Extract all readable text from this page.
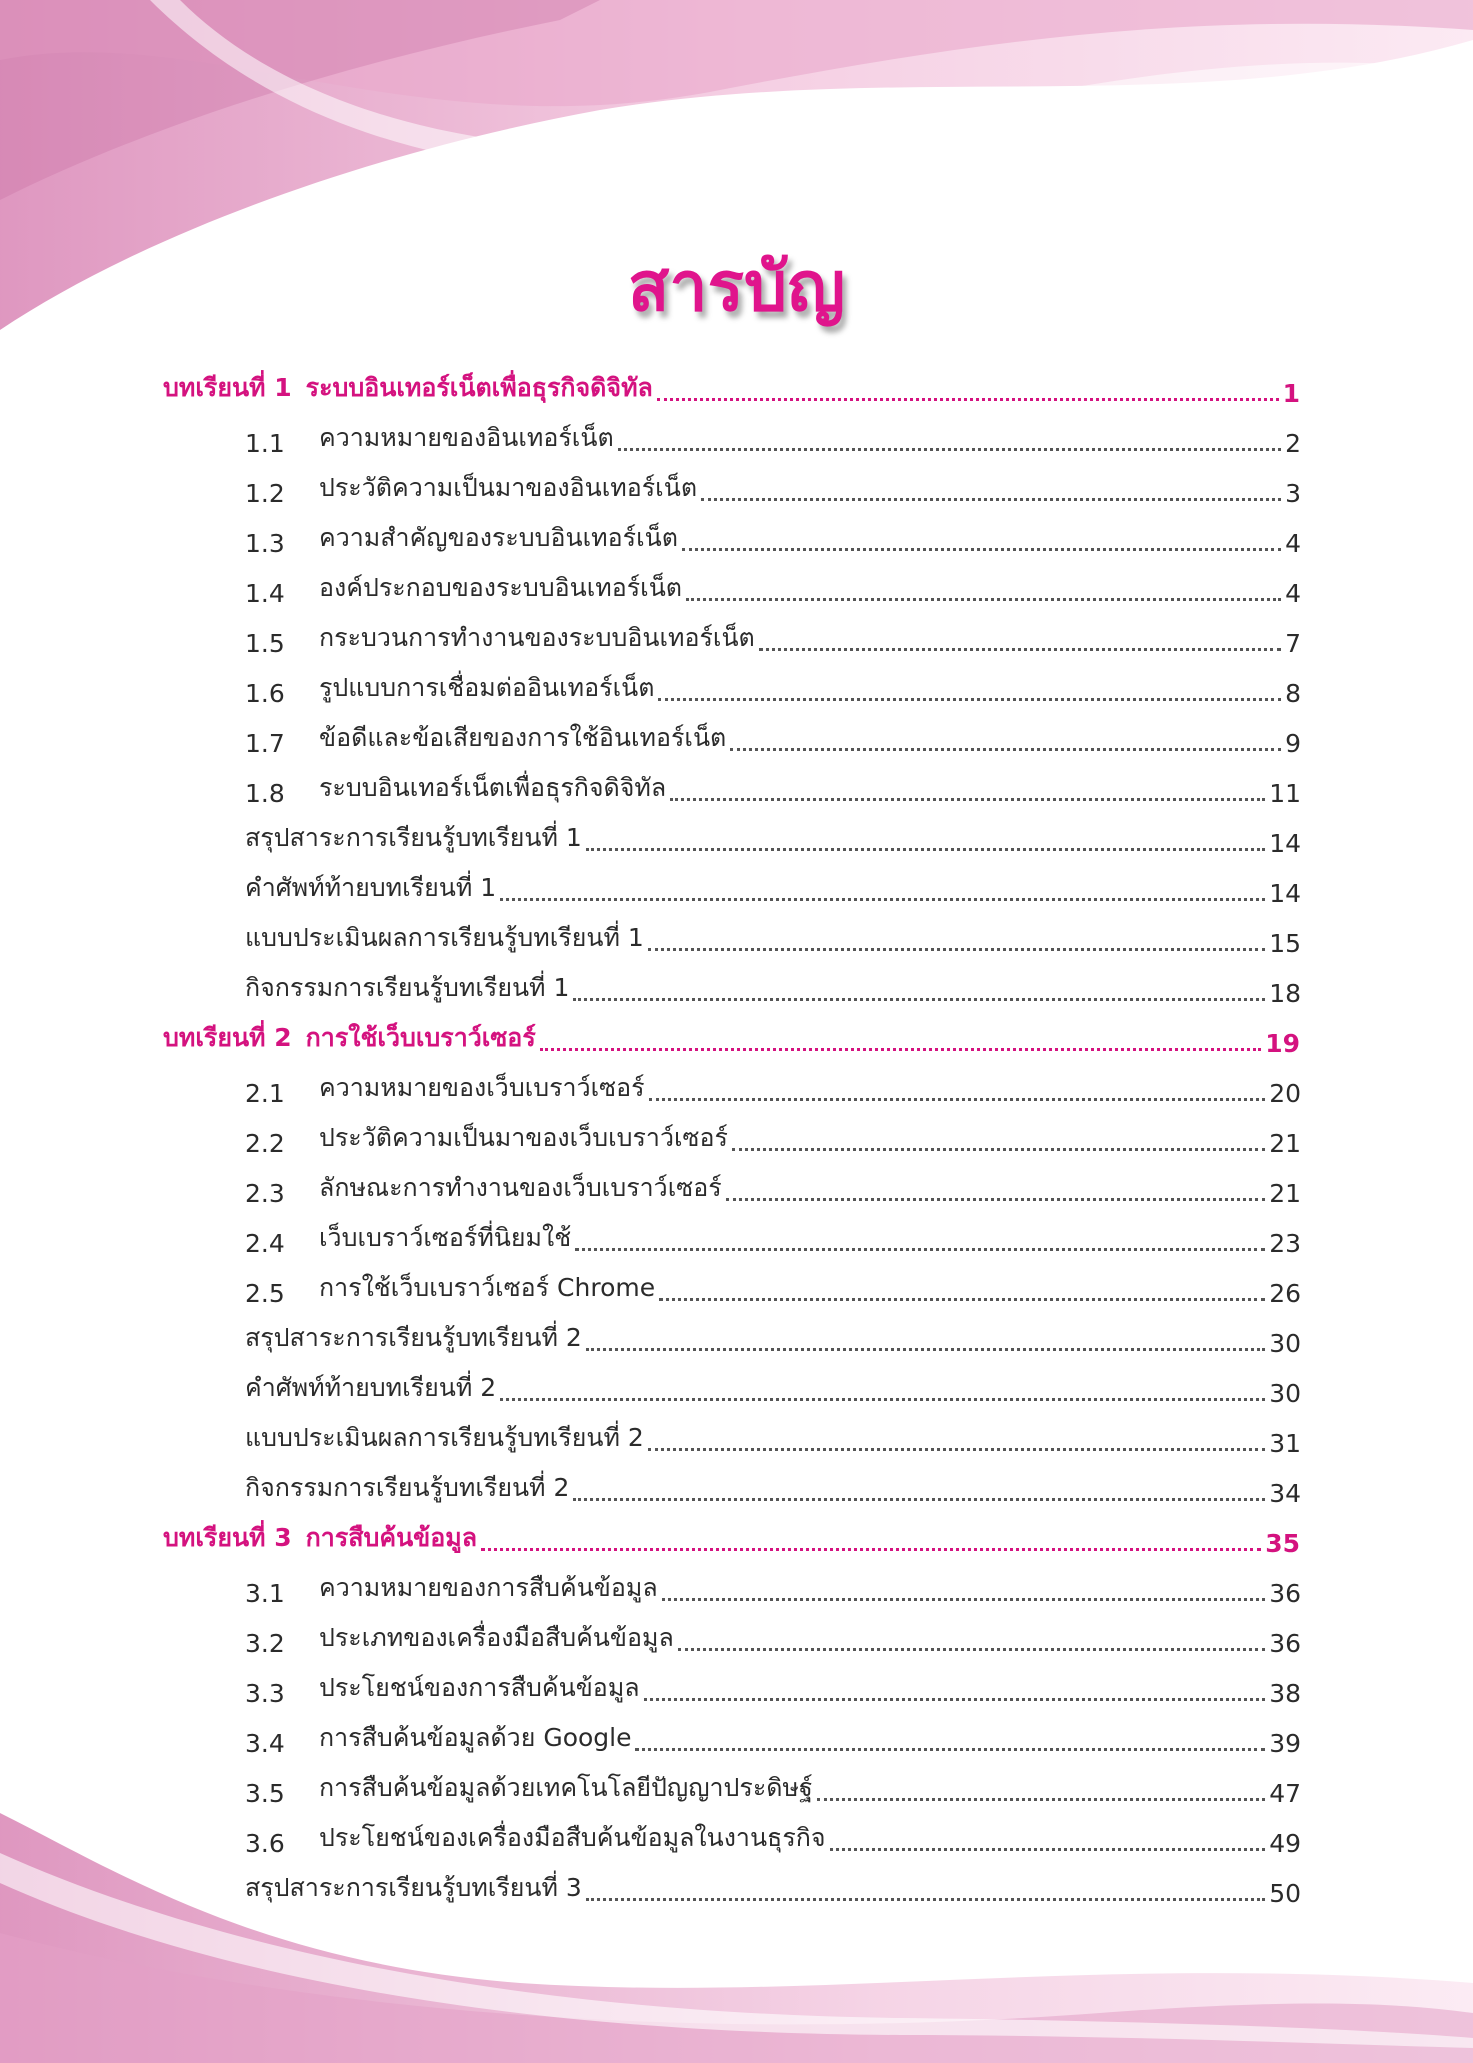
สารบัญ
บทเรียนที่ 1 ระบบอินเทอร์เน็ตเพื่อธุรกิจดิจิทัล	1
1.1	ความหมายของอินเทอร์เน็ต	2
1.2	ประวัติความเป็นมาของอินเทอร์เน็ต	3
1.3	ความสำคัญของระบบอินเทอร์เน็ต	4
1.4	องค์ประกอบของระบบอินเทอร์เน็ต	4
1.5	กระบวนการทำงานของระบบอินเทอร์เน็ต	7
1.6	รูปแบบการเชื่อมต่ออินเทอร์เน็ต	8
1.7	ข้อดีและข้อเสียของการใช้อินเทอร์เน็ต	9
1.8	ระบบอินเทอร์เน็ตเพื่อธุรกิจดิจิทัล	11
สรุปสาระการเรียนรู้บทเรียนที่ 1	14
คำศัพท์ท้ายบทเรียนที่ 1	14
แบบประเมินผลการเรียนรู้บทเรียนที่ 1	15
กิจกรรมการเรียนรู้บทเรียนที่ 1	18
บทเรียนที่ 2 การใช้เว็บเบราว์เซอร์	19
2.1	ความหมายของเว็บเบราว์เซอร์	20
2.2	ประวัติความเป็นมาของเว็บเบราว์เซอร์	21
2.3	ลักษณะการทำงานของเว็บเบราว์เซอร์	21
2.4	เว็บเบราว์เซอร์ที่นิยมใช้	23
2.5	การใช้เว็บเบราว์เซอร์ Chrome	26
สรุปสาระการเรียนรู้บทเรียนที่ 2	30
คำศัพท์ท้ายบทเรียนที่ 2	30
แบบประเมินผลการเรียนรู้บทเรียนที่ 2	31
กิจกรรมการเรียนรู้บทเรียนที่ 2	34
บทเรียนที่ 3 การสืบค้นข้อมูล	35
3.1	ความหมายของการสืบค้นข้อมูล	36
3.2	ประเภทของเครื่องมือสืบค้นข้อมูล	36
3.3	ประโยชน์ของการสืบค้นข้อมูล	38
3.4	การสืบค้นข้อมูลด้วย Google	39
3.5	การสืบค้นข้อมูลด้วยเทคโนโลยีปัญญาประดิษฐ์	47
3.6	ประโยชน์ของเครื่องมือสืบค้นข้อมูลในงานธุรกิจ	49
สรุปสาระการเรียนรู้บทเรียนที่ 3	50
